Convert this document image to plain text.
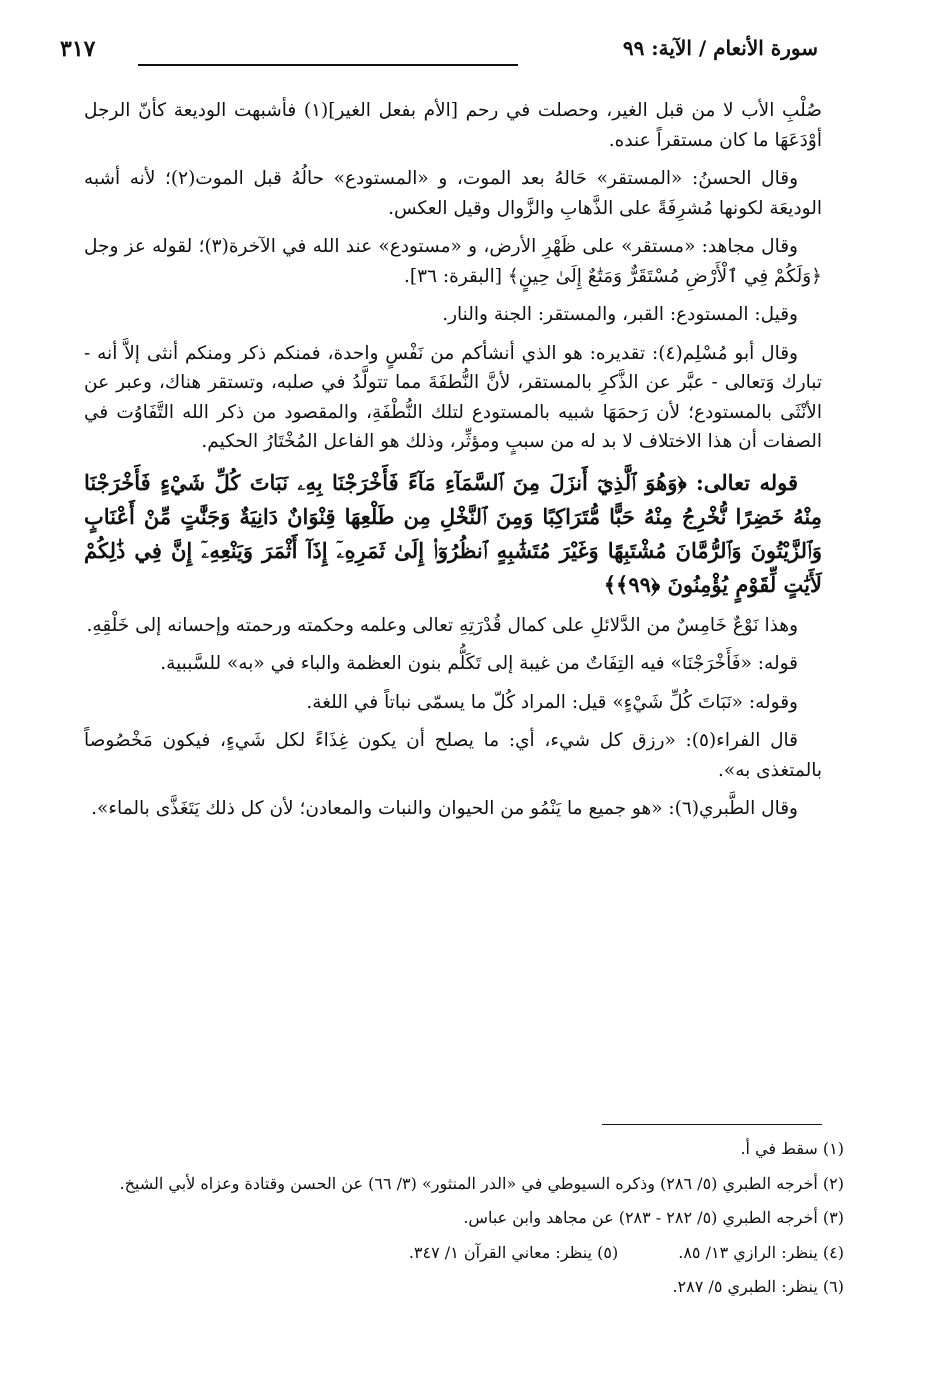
سورة الأنعام / الآية: ٩٩
٣١٧

صُلْبِ الأب لا من قبل الغير، وحصلت في رحم [الأم بفعل الغير](١) فأشبهت الوديعة كأنّ الرجل أوْدَعَهَا ما كان مستقراً عنده.

وقال الحسنُ: «المستقر» حَالهُ بعد الموت، و «المستودع» حالُهُ قبل الموت(٢)؛ لأنه أشبه الوديعَة لكونها مُشرِفَةً على الذَّهابِ والزَّوال وقيل العكس.

وقال مجاهد: «مستقر» على ظَهْرِ الأرض، و «مستودع» عند الله في الآخرة(٣)؛ لقوله عز وجل ﴿وَلَكُمْ فِي ٱلْأَرْضِ مُسْتَقَرٌّ وَمَتَٰعٌ إِلَىٰ حِينٍ﴾ [البقرة: ٣٦].

وقيل: المستودع: القبر، والمستقر: الجنة والنار.

وقال أبو مُسْلِم(٤): تقديره: هو الذي أنشأكم من نَفْسٍ واحدة، فمنكم ذكر ومنكم أنثى إلاَّ أنه - تبارك وَتعالى - عبَّر عن الذَّكرِ بالمستقر، لأنَّ النُّطفَةَ مما تتولَّدُ في صلبه، وتستقر هناك، وعبر عن الأنْثَى بالمستودع؛ لأن رَحمَهَا شبيه بالمستودع لتلك النُّطْفَةِ، والمقصود من ذكر الله التَّفَاوُت في الصفات أن هذا الاختلاف لا بد له من سببٍ ومؤثِّر، وذلك هو الفاعل المُخْتَارُ الحكيم.

قوله تعالى: ﴿وَهُوَ ٱلَّذِيٓ أَنزَلَ مِنَ ٱلسَّمَآءِ مَآءً فَأَخْرَجْنَا بِهِۦ نَبَاتَ كُلِّ شَيْءٍ فَأَخْرَجْنَا مِنْهُ خَضِرًا نُّخْرِجُ مِنْهُ حَبًّا مُّتَرَاكِبًا وَمِنَ ٱلنَّخْلِ مِن طَلْعِهَا قِنْوَانٌ دَانِيَةٌ وَجَنَّٰتٍ مِّنْ أَعْنَابٍ وَٱلزَّيْتُونَ وَٱلرُّمَّانَ مُشْتَبِهًا وَغَيْرَ مُتَشَٰبِهٍ ٱنظُرُوٓا۟ إِلَىٰ ثَمَرِهِۦٓ إِذَآ أَثْمَرَ وَيَنْعِهِۦٓ إِنَّ فِي ذَٰلِكُمْ لَأَيَٰتٍ لِّقَوْمٍ يُؤْمِنُونَ ﴿٩٩﴾﴾

وهذا نَوْعٌ خَامِسٌ من الدَّلائلِ على كمال قُدْرَتِهِ تعالى وعلمه وحكمته ورحمته وإحسانه إلى خَلْقِهِ.

قوله: «فَأَخْرَجْنَا» فيه التِفَاتٌ من غيبة إلى تَكَلُّم بنون العظمة والباء في «به» للسَّببية.

وقوله: «نَبَاتَ كُلِّ شَيْءٍ» قيل: المراد كُلّ ما يسمّى نباتاً في اللغة.

قال الفراء(٥): «رزق كل شيء، أي: ما يصلح أن يكون غِذَاءً لكل شَيءٍ، فيكون مَخْصُوصاً بالمتغذى به».

وقال الطَّبري(٦): «هو جميع ما يَنْمُو من الحيوان والنبات والمعادن؛ لأن كل ذلك يَتَغَذَّى بالماء».

(١) سقط في أ.
(٢) أخرجه الطبري (٥/ ٢٨٦) وذكره السيوطي في «الدر المنثور» (٣/ ٦٦) عن الحسن وقتادة وعزاه لأبي الشيخ.
(٣) أخرجه الطبري (٥/ ٢٨٢ - ٢٨٣) عن مجاهد وابن عباس.
(٤) ينظر: الرازي ١٣/ ٨٥.
(٥) ينظر: معاني القرآن ١/ ٣٤٧.
(٦) ينظر: الطبري ٥/ ٢٨٧.
